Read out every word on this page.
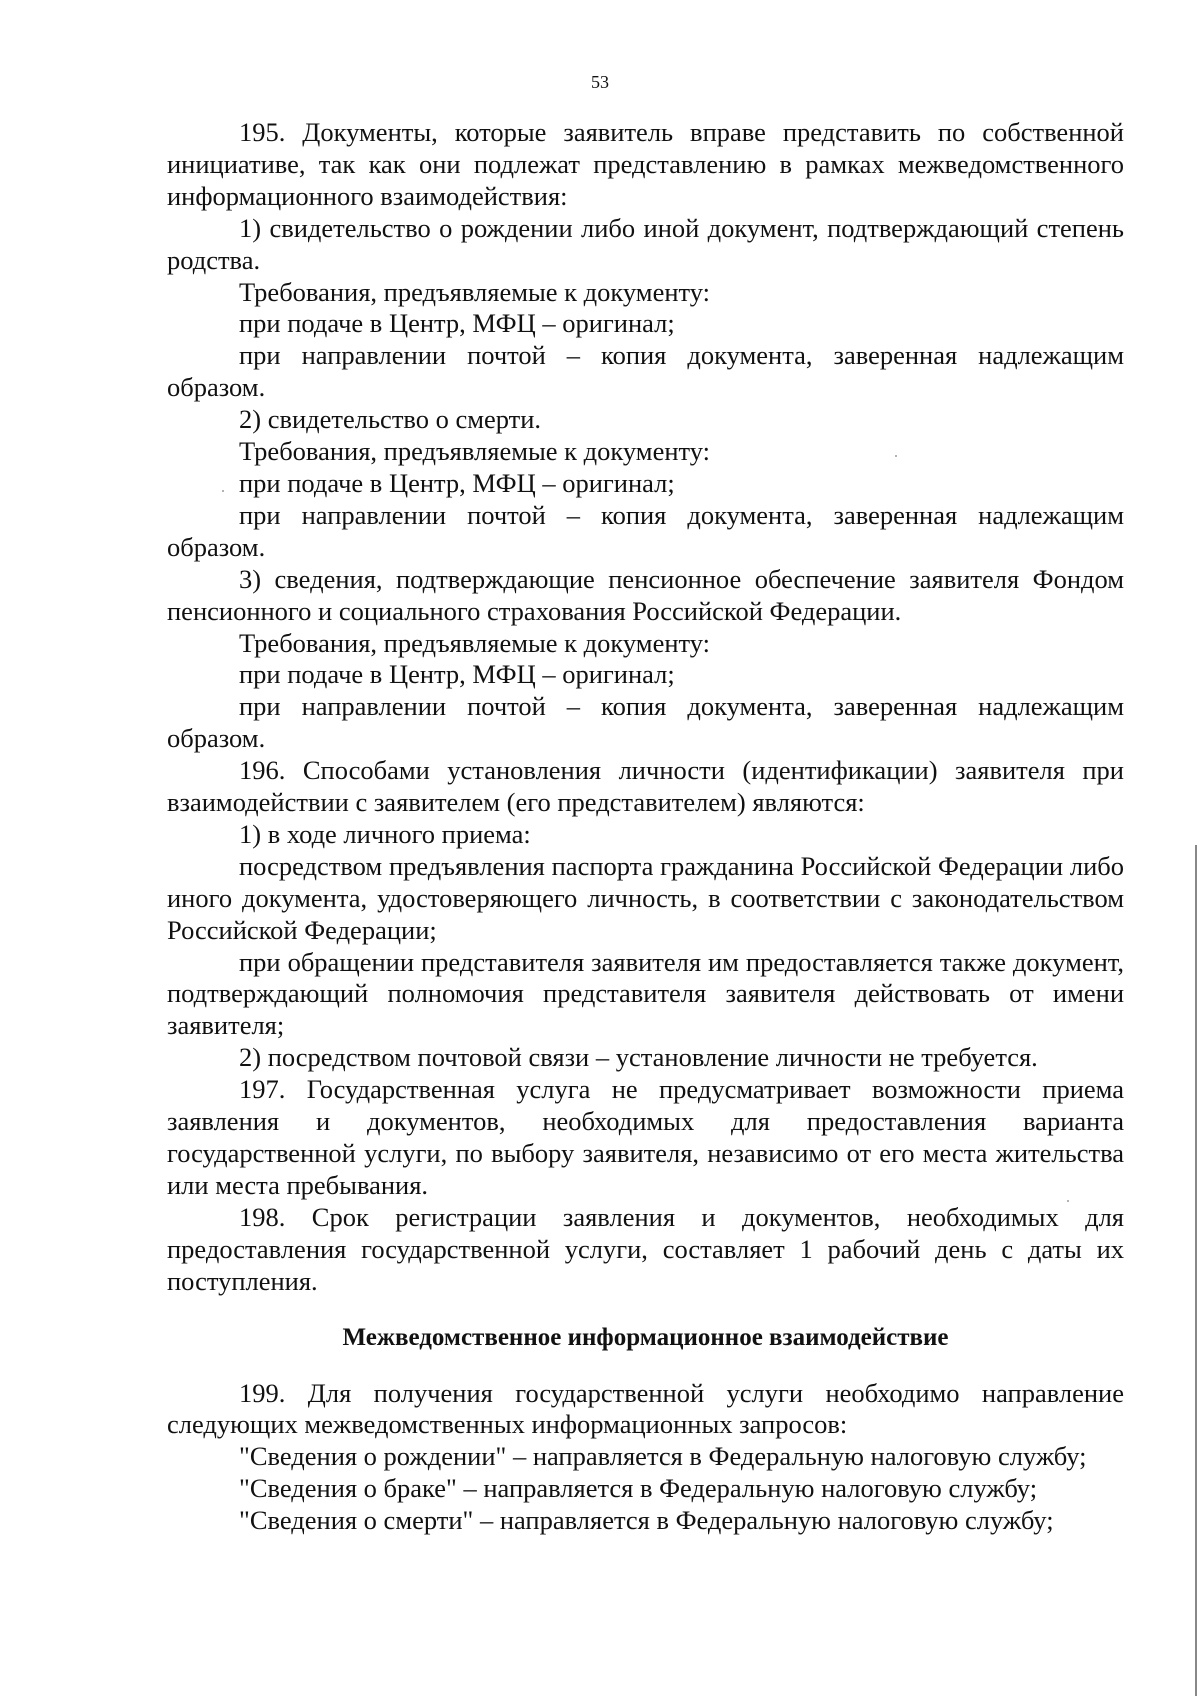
53

195. Документы, которые заявитель вправе представить по собственной инициативе, так как они подлежат представлению в рамках межведомственного информационного взаимодействия:

1) свидетельство о рождении либо иной документ, подтверждающий степень родства.

Требования, предъявляемые к документу:

при подаче в Центр, МФЦ – оригинал;

при направлении почтой – копия документа, заверенная надлежащим образом.

2) свидетельство о смерти.

Требования, предъявляемые к документу:

при подаче в Центр, МФЦ – оригинал;

при направлении почтой – копия документа, заверенная надлежащим образом.

3) сведения, подтверждающие пенсионное обеспечение заявителя Фондом пенсионного и социального страхования Российской Федерации.

Требования, предъявляемые к документу:

при подаче в Центр, МФЦ – оригинал;

при направлении почтой – копия документа, заверенная надлежащим образом.

196. Способами установления личности (идентификации) заявителя при взаимодействии с заявителем (его представителем) являются:

1) в ходе личного приема:

посредством предъявления паспорта гражданина Российской Федерации либо иного документа, удостоверяющего личность, в соответствии с законодательством Российской Федерации;

при обращении представителя заявителя им предоставляется также документ, подтверждающий полномочия представителя заявителя действовать от имени заявителя;

2) посредством почтовой связи – установление личности не требуется.

197. Государственная услуга не предусматривает возможности приема заявления и документов, необходимых для предоставления варианта государственной услуги, по выбору заявителя, независимо от его места жительства или места пребывания.

198. Срок регистрации заявления и документов, необходимых для предоставления государственной услуги, составляет 1 рабочий день с даты их поступления.

Межведомственное информационное взаимодействие

199. Для получения государственной услуги необходимо направление следующих межведомственных информационных запросов:

"Сведения о рождении" – направляется в Федеральную налоговую службу;

"Сведения о браке" – направляется в Федеральную налоговую службу;

"Сведения о смерти" – направляется в Федеральную налоговую службу;
